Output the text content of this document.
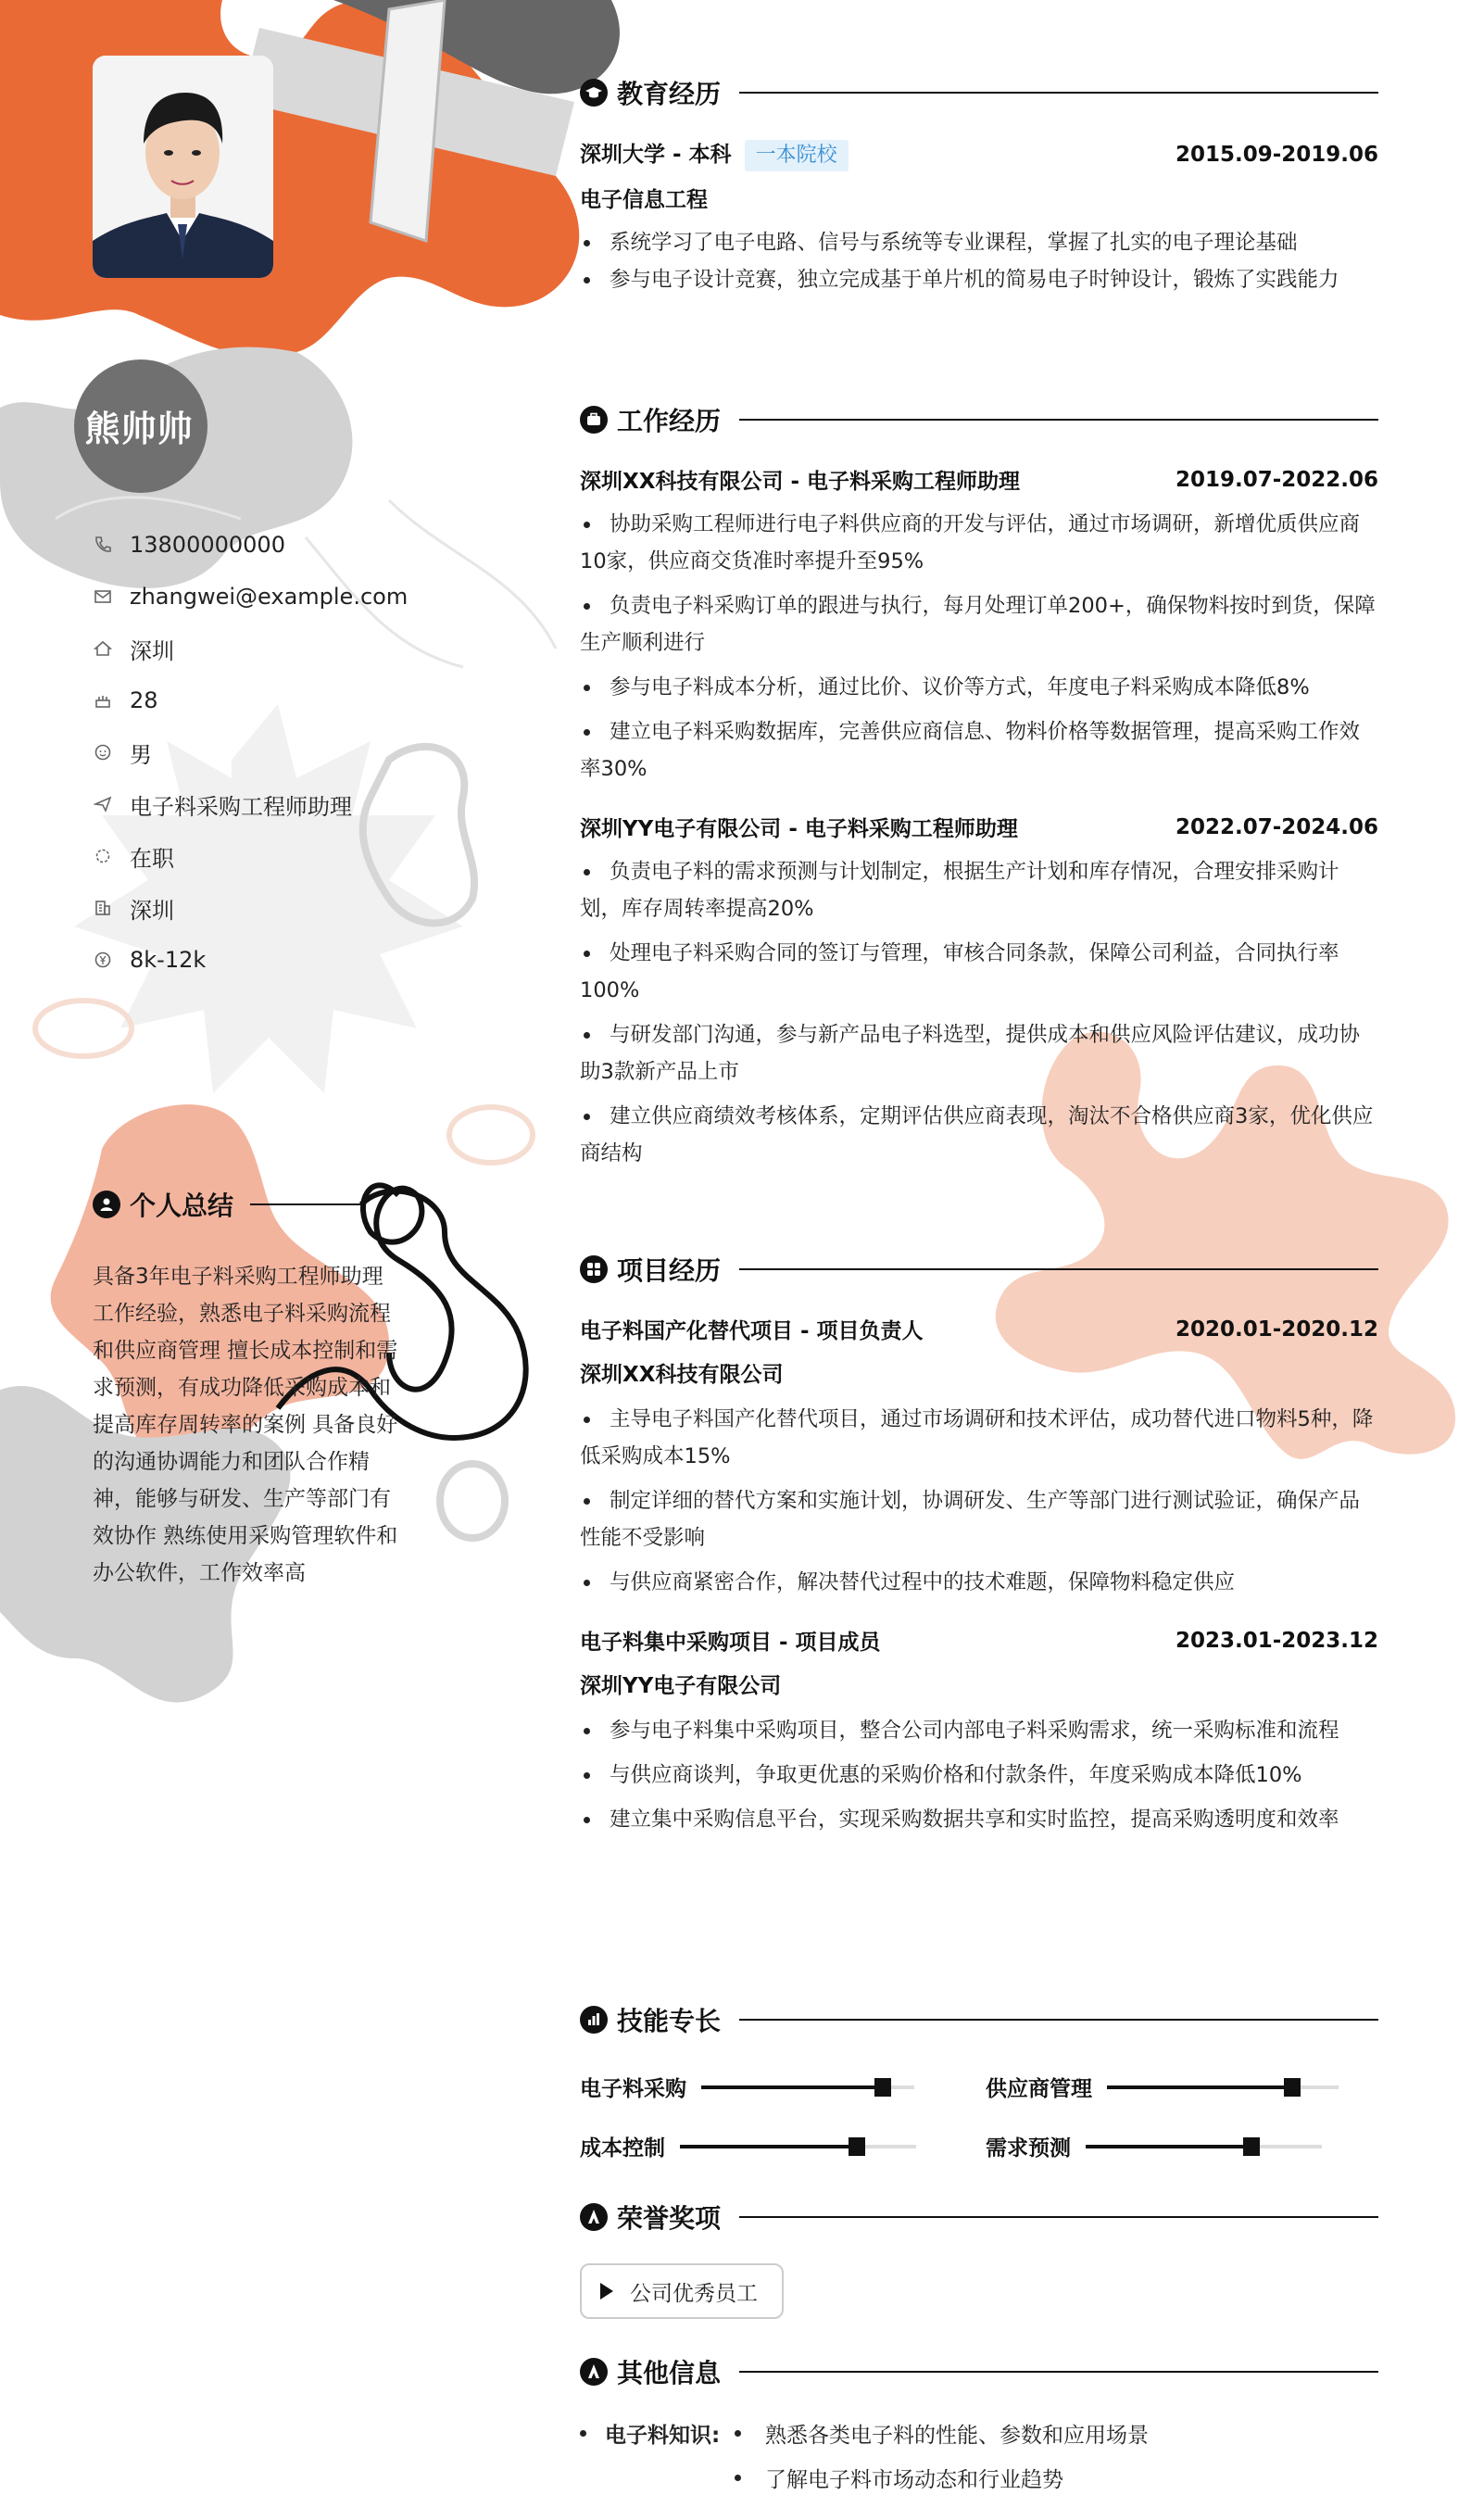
熊帅帅
13800000000
zhangwei@example.com
深圳
28
男
电子料采购工程师助理
在职
深圳
8k-12k
个人总结
具备3年电子料采购工程师助理工作经验，熟悉电子料采购流程和供应商管理 擅长成本控制和需求预测，有成功降低采购成本和提高库存周转率的案例 具备良好的沟通协调能力和团队合作精神，能够与研发、生产等部门有效协作 熟练使用采购管理软件和办公软件，工作效率高
教育经历
深圳大学 - 本科 一本院校	2015.09-2019.06
电子信息工程
系统学习了电子电路、信号与系统等专业课程，掌握了扎实的电子理论基础
参与电子设计竞赛，独立完成基于单片机的简易电子时钟设计，锻炼了实践能力
工作经历
深圳XX科技有限公司 - 电子料采购工程师助理	2019.07-2022.06
协助采购工程师进行电子料供应商的开发与评估，通过市场调研，新增优质供应商10家，供应商交货准时率提升至95%
负责电子料采购订单的跟进与执行，每月处理订单200+，确保物料按时到货，保障生产顺利进行
参与电子料成本分析，通过比价、议价等方式，年度电子料采购成本降低8%
建立电子料采购数据库，完善供应商信息、物料价格等数据管理，提高采购工作效率30%
深圳YY电子有限公司 - 电子料采购工程师助理	2022.07-2024.06
负责电子料的需求预测与计划制定，根据生产计划和库存情况，合理安排采购计划，库存周转率提高20%
处理电子料采购合同的签订与管理，审核合同条款，保障公司利益，合同执行率100%
与研发部门沟通，参与新产品电子料选型，提供成本和供应风险评估建议，成功协助3款新产品上市
建立供应商绩效考核体系，定期评估供应商表现，淘汰不合格供应商3家，优化供应商结构
项目经历
电子料国产化替代项目 - 项目负责人	2020.01-2020.12
深圳XX科技有限公司
主导电子料国产化替代项目，通过市场调研和技术评估，成功替代进口物料5种，降低采购成本15%
制定详细的替代方案和实施计划，协调研发、生产等部门进行测试验证，确保产品性能不受影响
与供应商紧密合作，解决替代过程中的技术难题，保障物料稳定供应
电子料集中采购项目 - 项目成员	2023.01-2023.12
深圳YY电子有限公司
参与电子料集中采购项目，整合公司内部电子料采购需求，统一采购标准和流程
与供应商谈判，争取更优惠的采购价格和付款条件，年度采购成本降低10%
建立集中采购信息平台，实现采购数据共享和实时监控，提高采购透明度和效率
技能专长
电子料采购	供应商管理
成本控制	需求预测
荣誉奖项
公司优秀员工
其他信息
电子料知识:	熟悉各类电子料的性能、参数和应用场景
了解电子料市场动态和行业趋势
